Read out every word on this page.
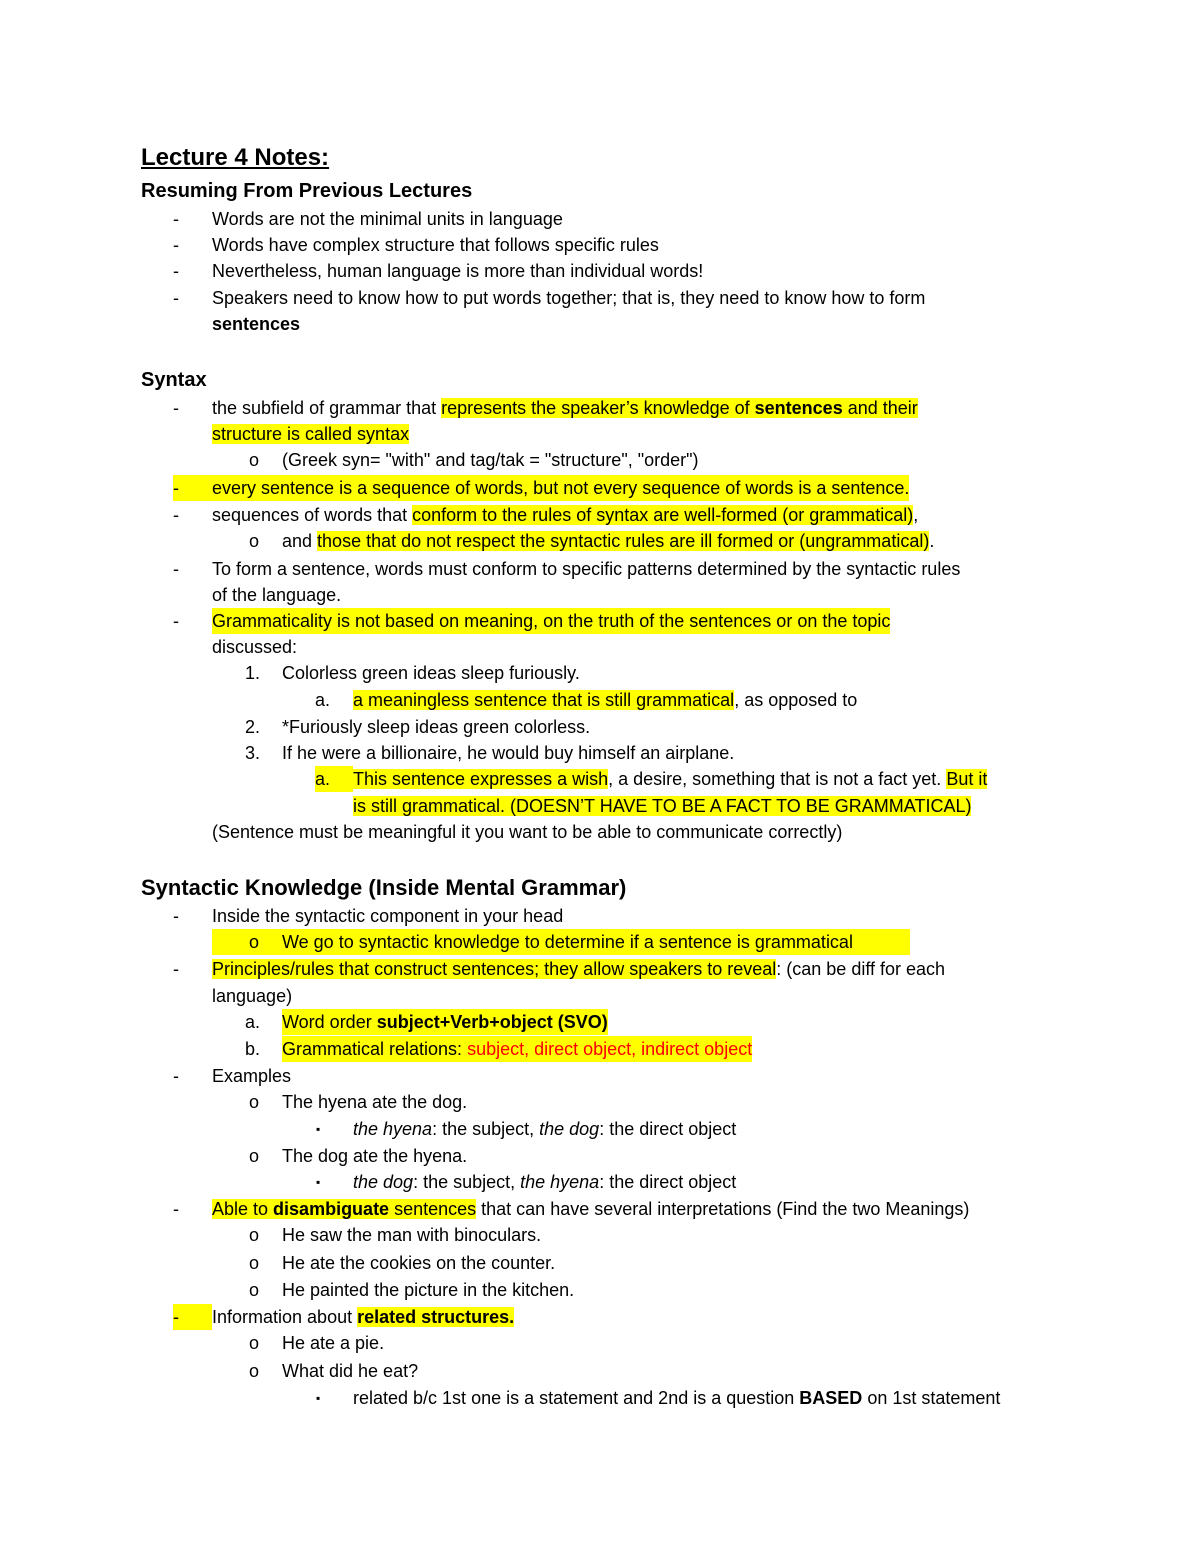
Lecture 4 Notes:
Resuming From Previous Lectures
-	Words are not the minimal units in language
-	Words have complex structure that follows specific rules
-	Nevertheless, human language is more than individual words!
-	Speakers need to know how to put words together; that is, they need to know how to form
sentences
Syntax
-	the subfield of grammar that represents the speaker’s knowledge of sentences and their
structure is called syntax
o	(Greek syn= "with" and tag/tak = "structure", "order")
-	every sentence is a sequence of words, but not every sequence of words is a sentence.
-	sequences of words that conform to the rules of syntax are well-formed (or grammatical),
o	and those that do not respect the syntactic rules are ill formed or (ungrammatical).
-	To form a sentence, words must conform to specific patterns determined by the syntactic rules
of the language.
-	Grammaticality is not based on meaning, on the truth of the sentences or on the topic
discussed:
1.	Colorless green ideas sleep furiously.
a.	a meaningless sentence that is still grammatical, as opposed to
2.	*Furiously sleep ideas green colorless.
3.	If he were a billionaire, he would buy himself an airplane.
a.	This sentence expresses a wish, a desire, something that is not a fact yet. But it
is still grammatical. (DOESN’T HAVE TO BE A FACT TO BE GRAMMATICAL)
(Sentence must be meaningful it you want to be able to communicate correctly)
Syntactic Knowledge (Inside Mental Grammar)
-	Inside the syntactic component in your head
o	We go to syntactic knowledge to determine if a sentence is grammatical
-	Principles/rules that construct sentences; they allow speakers to reveal: (can be diff for each
language)
a.	Word order subject+Verb+object (SVO)
b.	Grammatical relations: subject, direct object, indirect object
-	Examples
o	The hyena ate the dog.
▪	the hyena: the subject, the dog: the direct object
o	The dog ate the hyena.
▪	the dog: the subject, the hyena: the direct object
-	Able to disambiguate sentences that can have several interpretations (Find the two Meanings)
o	He saw the man with binoculars.
o	He ate the cookies on the counter.
o	He painted the picture in the kitchen.
-	Information about related structures.
o	He ate a pie.
o	What did he eat?
▪	related b/c 1st one is a statement and 2nd is a question BASED on 1st statement
